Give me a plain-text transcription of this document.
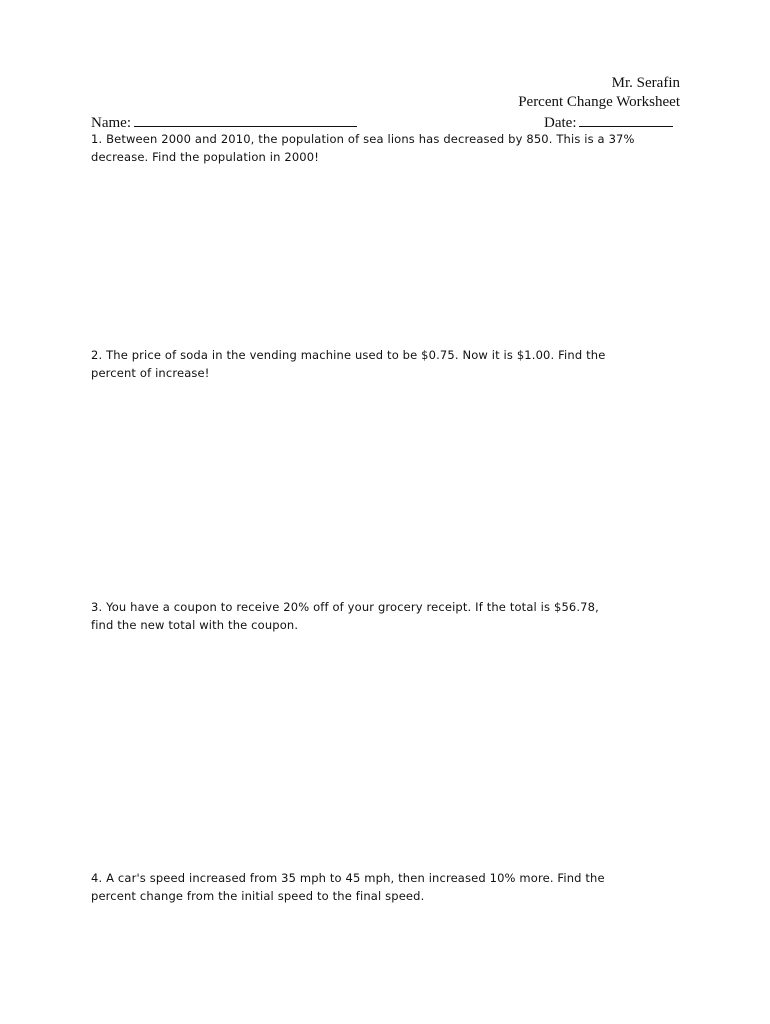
Mr. Serafin
Percent Change Worksheet
Name:	Date:
1. Between 2000 and 2010, the population of sea lions has decreased by 850. This is a 37%
decrease. Find the population in 2000!
2. The price of soda in the vending machine used to be $0.75. Now it is $1.00. Find the
percent of increase!
3. You have a coupon to receive 20% off of your grocery receipt. If the total is $56.78,
find the new total with the coupon.
4. A car's speed increased from 35 mph to 45 mph, then increased 10% more. Find the
percent change from the initial speed to the final speed.
